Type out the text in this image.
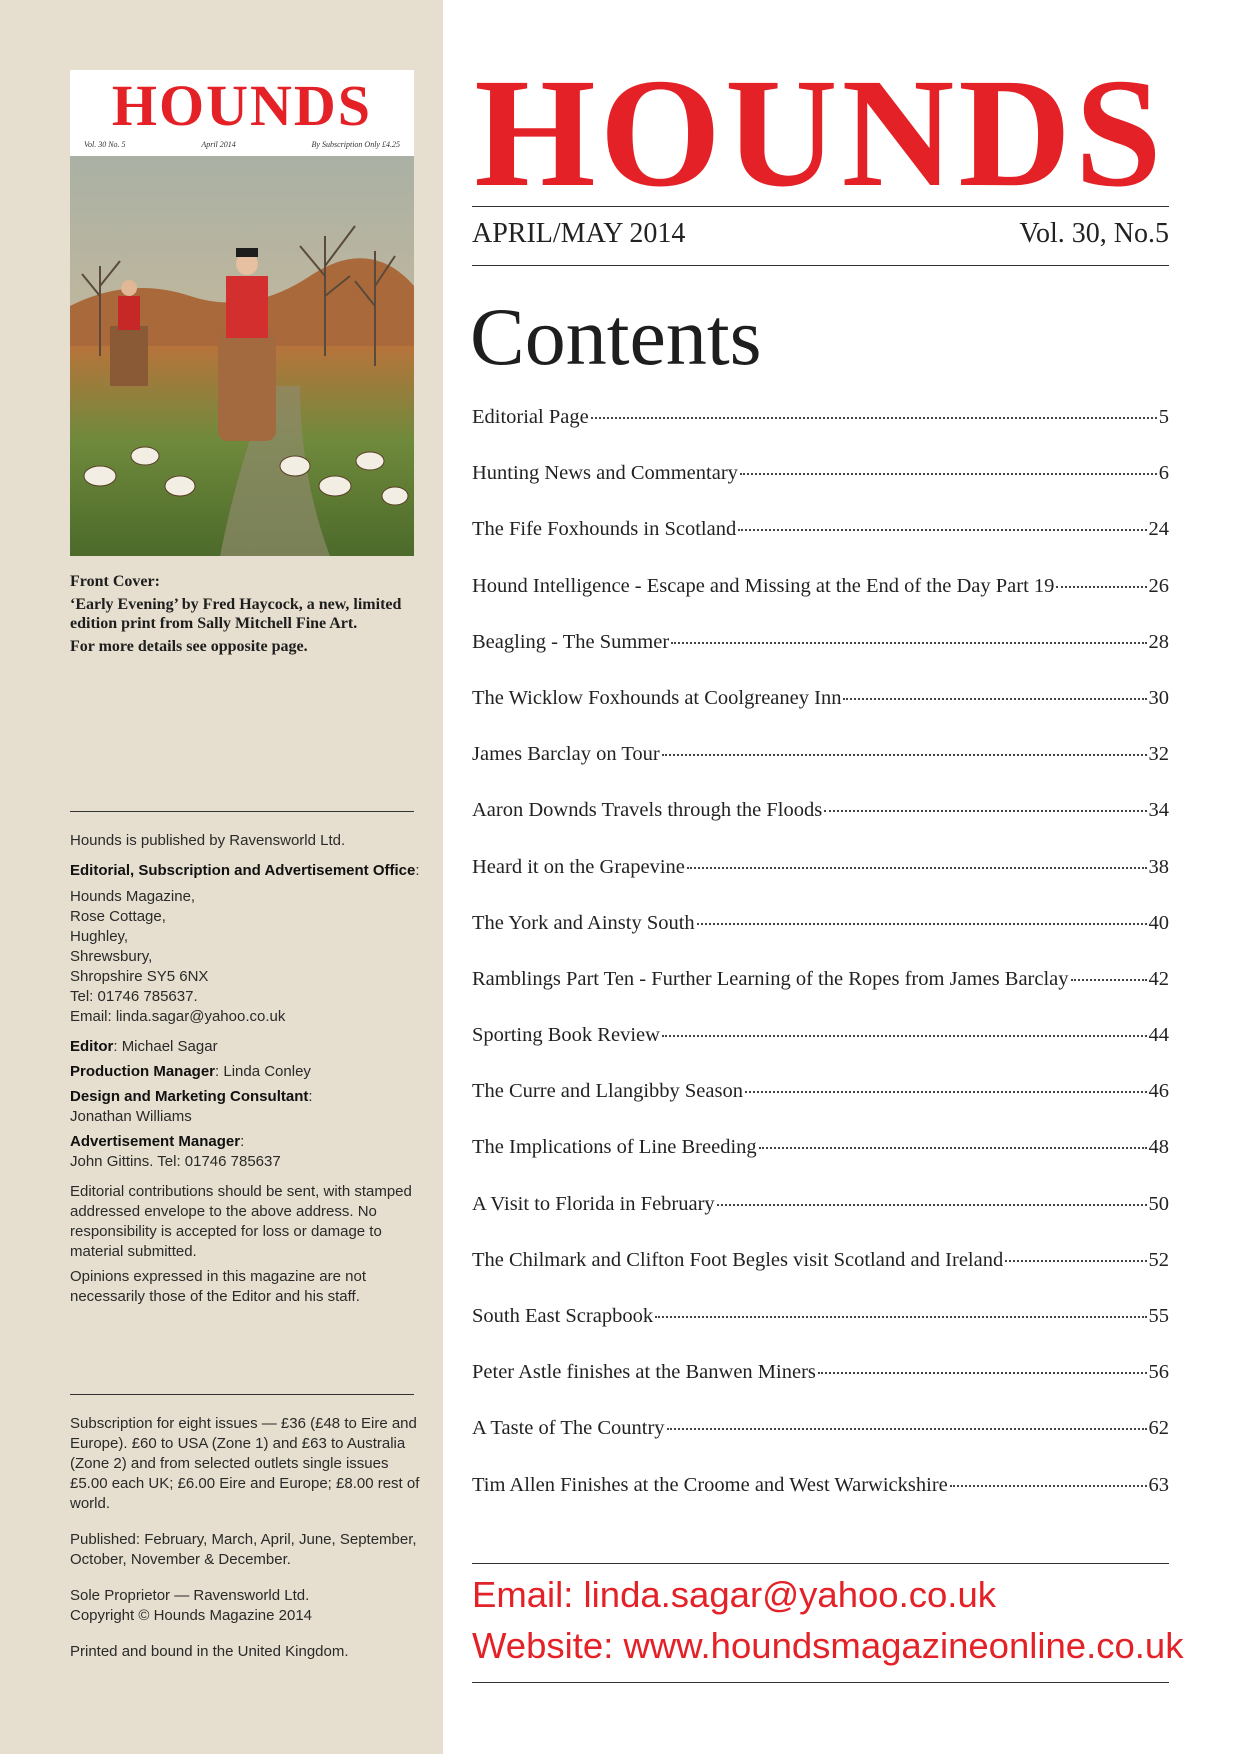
HOUNDS
Vol. 30 No. 5	April 2014	By Subscription Only £4.25

Front Cover:

‘Early Evening’ by Fred Haycock, a new, limited edition print from Sally Mitchell Fine Art.

For more details see opposite page.

Hounds is published by Ravensworld Ltd.

Editorial, Subscription and Advertisement Office:

Hounds Magazine,

Rose Cottage,

Hughley,

Shrewsbury,

Shropshire SY5 6NX

Tel: 01746 785637.

Email: linda.sagar@yahoo.co.uk

Editor: Michael Sagar

Production Manager: Linda Conley

Design and Marketing Consultant:
Jonathan Williams

Advertisement Manager:
John Gittins. Tel: 01746 785637

Editorial contributions should be sent, with stamped addressed envelope to the above address. No responsibility is accepted for loss or damage to material submitted.

Opinions expressed in this magazine are not necessarily those of the Editor and his staff.

Subscription for eight issues — £36 (£48 to Eire and Europe). £60 to USA (Zone 1) and £63 to Australia (Zone 2) and from selected outlets single issues £5.00 each UK; £6.00 Eire and Europe; £8.00 rest of world.

Published: February, March, April, June, September, October, November & December.

Sole Proprietor — Ravensworld Ltd.

Copyright © Hounds Magazine 2014

Printed and bound in the United Kingdom.

HOUNDS
APRIL/MAY 2014	Vol. 30, No.5
Contents
Editorial Page	5
Hunting News and Commentary	6
The Fife Foxhounds in Scotland	24
Hound Intelligence - Escape and Missing at the End of the Day Part 19	26
Beagling - The Summer	28
The Wicklow Foxhounds at Coolgreaney Inn	30
James Barclay on Tour	32
Aaron Downds Travels through the Floods	34
Heard it on the Grapevine	38
The York and Ainsty South	40
Ramblings Part Ten - Further Learning of the Ropes from James Barclay	42
Sporting Book Review	44
The Curre and Llangibby Season	46
The Implications of Line Breeding	48
A Visit to Florida in February	50
The Chilmark and Clifton Foot Begles visit Scotland and Ireland	52
South East Scrapbook	55
Peter Astle finishes at the Banwen Miners	56
A Taste of The Country	62
Tim Allen Finishes at the Croome and West Warwickshire	63
Email: linda.sagar@yahoo.co.uk
Website: www.houndsmagazineonline.co.uk
